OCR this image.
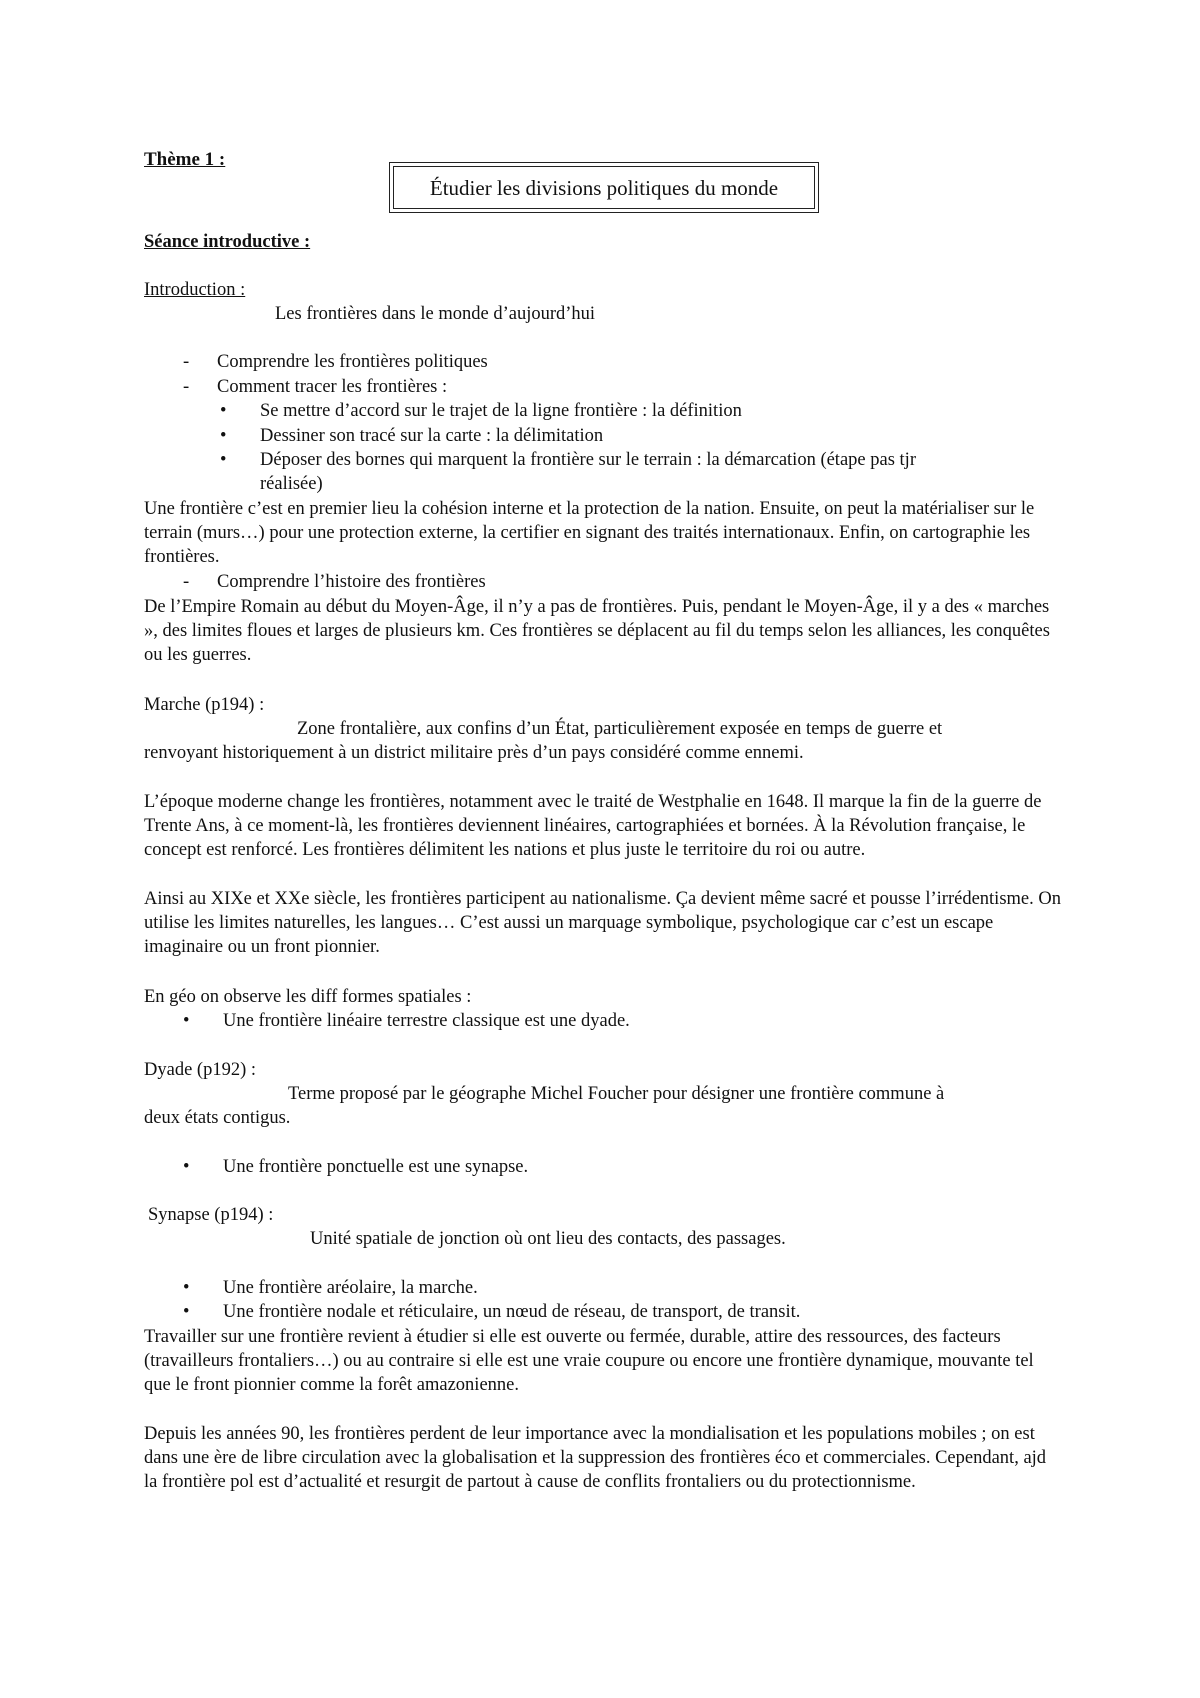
Thème 1 :
Étudier les divisions politiques du monde
Séance introductive :
Introduction :
Les frontières dans le monde d’aujourd’hui
- Comprendre les frontières politiques
- Comment tracer les frontières :
• Se mettre d’accord sur le trajet de la ligne frontière : la définition
• Dessiner son tracé sur la carte : la délimitation
• Déposer des bornes qui marquent la frontière sur le terrain : la démarcation (étape pas tjr
réalisée)

Une frontière c’est en premier lieu la cohésion interne et la protection de la nation. Ensuite, on peut la matérialiser sur le terrain (murs…) pour une protection externe, la certifier en signant des traités internationaux. Enfin, on cartographie les frontières.

- Comprendre l’histoire des frontières

De l’Empire Romain au début du Moyen-Âge, il n’y a pas de frontières. Puis, pendant le Moyen-Âge, il y a des « marches », des limites floues et larges de plusieurs km. Ces frontières se déplacent au fil du temps selon les alliances, les conquêtes ou les guerres.

Marche (p194) :
Zone frontalière, aux confins d’un État, particulièrement exposée en temps de guerre et
renvoyant historiquement à un district militaire près d’un pays considéré comme ennemi.

L’époque moderne change les frontières, notamment avec le traité de Westphalie en 1648. Il marque la fin de la guerre de Trente Ans, à ce moment-là, les frontières deviennent linéaires, cartographiées et bornées. À la Révolution française, le concept est renforcé. Les frontières délimitent les nations et plus juste le territoire du roi ou autre.

Ainsi au XIXe et XXe siècle, les frontières participent au nationalisme. Ça devient même sacré et pousse l’irrédentisme. On utilise les limites naturelles, les langues… C’est aussi un marquage symbolique, psychologique car c’est un escape imaginaire ou un front pionnier.

En géo on observe les diff formes spatiales :
• Une frontière linéaire terrestre classique est une dyade.
Dyade (p192) :
Terme proposé par le géographe Michel Foucher pour désigner une frontière commune à
deux états contigus.
• Une frontière ponctuelle est une synapse.
Synapse (p194) :
Unité spatiale de jonction où ont lieu des contacts, des passages.
• Une frontière aréolaire, la marche.
• Une frontière nodale et réticulaire, un nœud de réseau, de transport, de transit.

Travailler sur une frontière revient à étudier si elle est ouverte ou fermée, durable, attire des ressources, des facteurs (travailleurs frontaliers…) ou au contraire si elle est une vraie coupure ou encore une frontière dynamique, mouvante tel que le front pionnier comme la forêt amazonienne.

Depuis les années 90, les frontières perdent de leur importance avec la mondialisation et les populations mobiles ; on est dans une ère de libre circulation avec la globalisation et la suppression des frontières éco et commerciales. Cependant, ajd la frontière pol est d’actualité et resurgit de partout à cause de conflits frontaliers ou du protectionnisme.
